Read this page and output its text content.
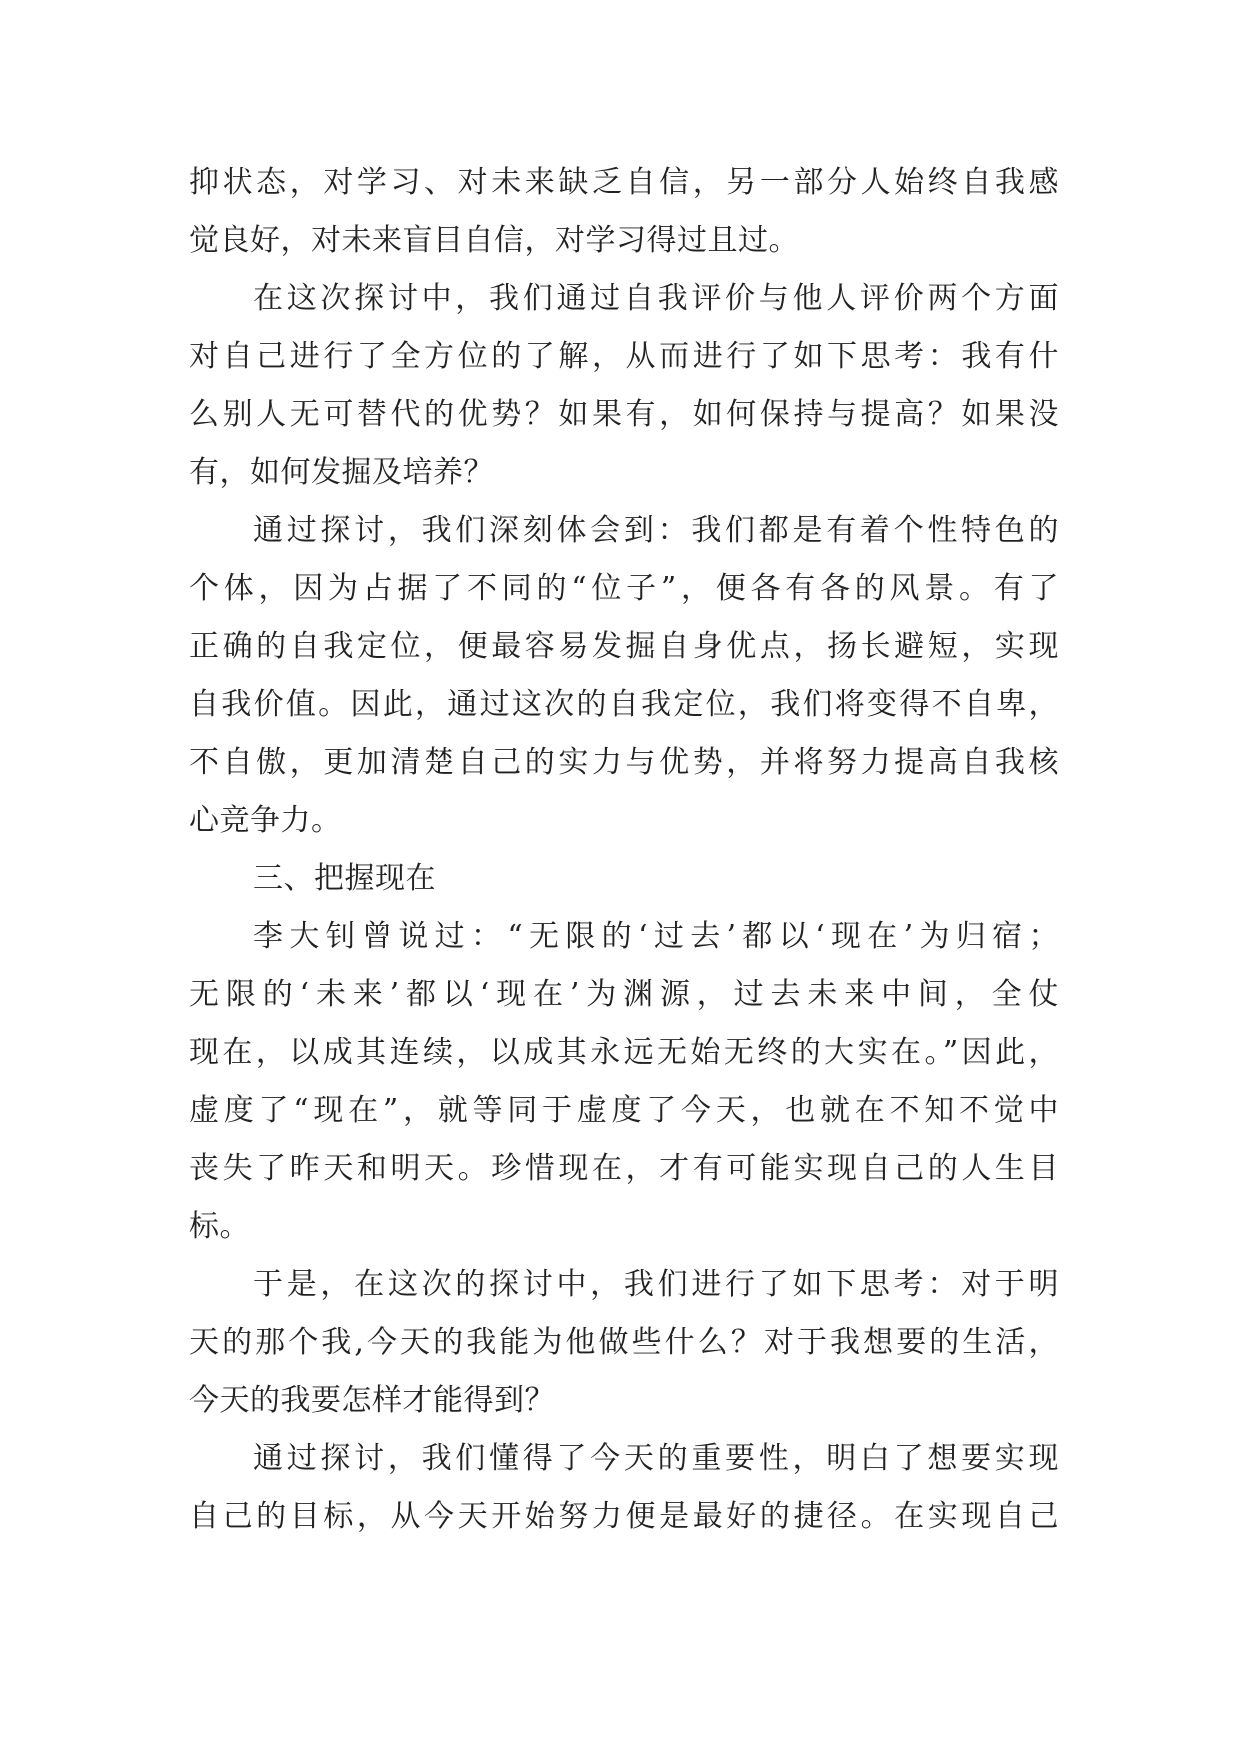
抑状态，对学习、对未来缺乏自信，另一部分人始终自我感
觉良好，对未来盲目自信，对学习得过且过。
在这次探讨中，我们通过自我评价与他人评价两个方面
对自己进行了全方位的了解，从而进行了如下思考：我有什
么别人无可替代的优势？如果有，如何保持与提高？如果没
有，如何发掘及培养？
通过探讨，我们深刻体会到：我们都是有着个性特色的
个体，因为占据了不同的“位子”，便各有各的风景。有了
正确的自我定位，便最容易发掘自身优点，扬长避短，实现
自我价值。因此，通过这次的自我定位，我们将变得不自卑，
不自傲，更加清楚自己的实力与优势，并将努力提高自我核
心竞争力。
三、把握现在
李大钊曾说过：“无限的‘过去’都以‘现在’为归宿；
无限的‘未来’都以‘现在’为渊源，过去未来中间，全仗
现在，以成其连续，以成其永远无始无终的大实在。”因此，
虚度了“现在”，就等同于虚度了今天，也就在不知不觉中
丧失了昨天和明天。珍惜现在，才有可能实现自己的人生目
标。
于是，在这次的探讨中，我们进行了如下思考：对于明
天的那个我,今天的我能为他做些什么？对于我想要的生活，
今天的我要怎样才能得到？
通过探讨，我们懂得了今天的重要性，明白了想要实现
自己的目标，从今天开始努力便是最好的捷径。在实现自己
